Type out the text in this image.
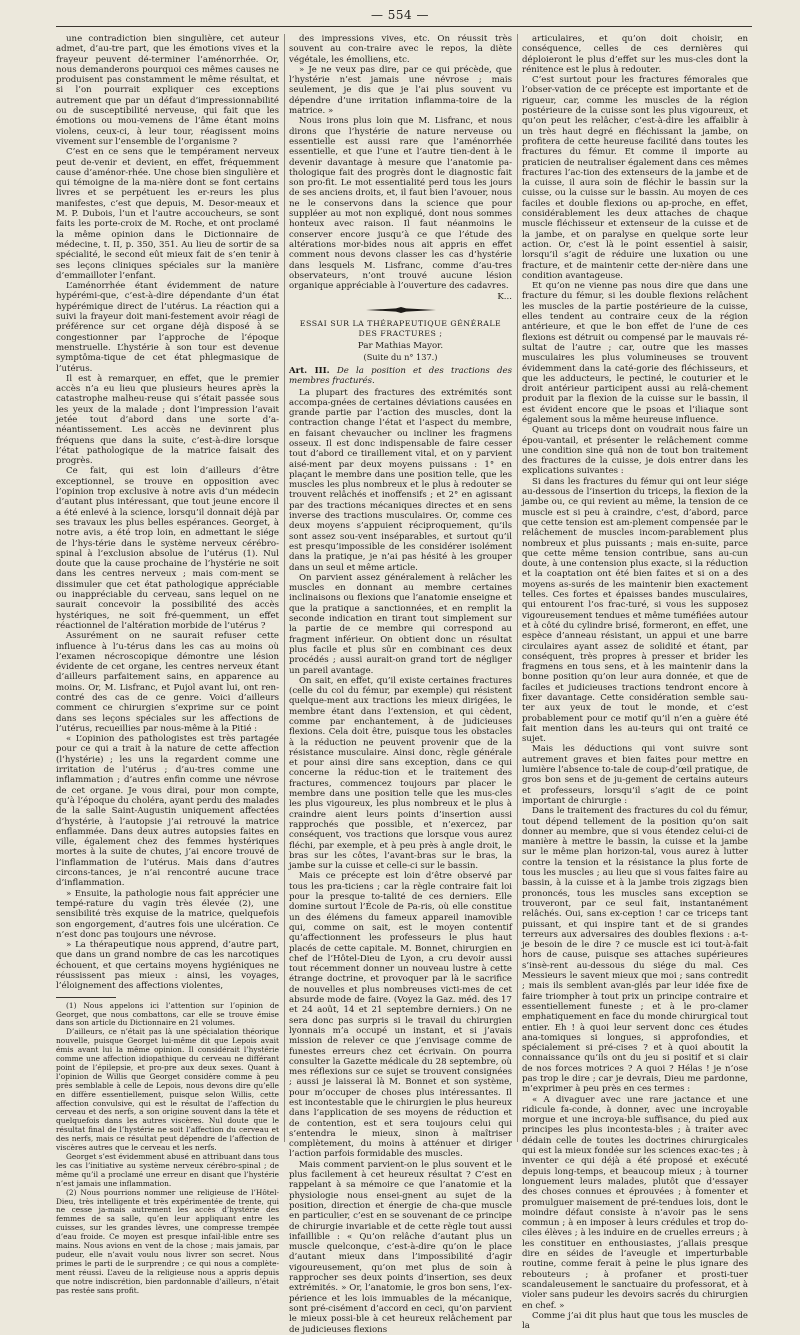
— 554 —

une contradiction bien singulière, cet auteur admet, d’au-tre part, que les émotions vives et la frayeur peuvent dé-terminer l’aménorrhée. Or, nous demanderons pourquoi ces mêmes causes ne produisent pas constamment le même résultat, et si l’on pourrait expliquer ces exceptions autrement que par un défaut d’impressionnabilité ou de susceptibilité nerveuse, qui fait que les émotions ou mou-vemens de l’âme étant moins violens, ceux-ci, à leur tour, réagissent moins vivement sur l’ensemble de l’organisme ?

C’est en ce sens que le tempérament nerveux peut de-venir et devient, en effet, fréquemment cause d’aménor-rhée. Une chose bien singulière et qui témoigne de la ma-nière dont se font certains livres et se perpétuent les er-reurs les plus manifestes, c’est que depuis, M. Desor-meaux et M. P. Dubois, l’un et l’autre accoucheurs, se sont faits les porte-croix de M. Roche, et ont proclamé la même opinion dans le Dictionnaire de médecine, t. II, p. 350, 351. Au lieu de sortir de sa spécialité, le second eût mieux fait de s’en tenir à ses leçons cliniques spéciales sur la manière d’emmailloter l’enfant.

L’aménorrhée étant évidemment de nature hypérémi-que, c’est-à-dire dépendante d’un état hypérémique direct de l’utérus. La réaction qui a suivi la frayeur doit mani-festement avoir réagi de préférence sur cet organe déjà disposé à se congestionner par l’approche de l’époque menstruelle. L’hystérie à son tour est devenue symptôma-tique de cet état phlegmasique de l’utérus.

Il est à remarquer, en effet, que le premier accès n’a eu lieu que plusieurs heures après la catastrophe malheu-reuse qui s’était passée sous les yeux de la malade ; dont l’impression l’avait jetée tout d’abord dans une sorte d’a-néantissement. Les accès ne devinrent plus fréquens que dans la suite, c’est-à-dire lorsque l’état pathologique de la matrice faisait des progrès.

Ce fait, qui est loin d’ailleurs d’être exceptionnel, se trouve en opposition avec l’opinion trop exclusive à notre avis d’un médecin d’autant plus intéressant, que tout jeune encore il a été enlevé à la science, lorsqu’il donnait déjà par ses travaux les plus belles espérances. Georget, à notre avis, a été trop loin, en admettant le siége de l’hys-térie dans le système nerveux cérébro-spinal à l’exclusion absolue de l’utérus (1). Nul doute que la cause prochaine de l’hystérie ne soit dans les centres nerveux ; mais com-ment se dissimuler que cet état pathologique appréciable ou inappréciable du cerveau, sans lequel on ne saurait concevoir la possibilité des accès hystériques, ne soit fré-quemment, un effet réactionnel de l’altération morbide de l’utérus ?

Assurément on ne saurait refuser cette influence à l’u-térus dans les cas au moins où l’examen nécroscopique démontre une lésion évidente de cet organe, les centres nerveux étant d’ailleurs parfaitement sains, en apparence au moins. Or, M. Lisfranc, et Pujol avant lui, ont ren-contré des cas de ce genre. Voici d’ailleurs comment ce chirurgien s’exprime sur ce point dans ses leçons spéciales sur les affections de l’utérus, recueillies par nous-même à la Pitié :

« L’opinion des pathologistes est très partagée pour ce qui a trait à la nature de cette affection (l’hystérie) ; les uns la regardent comme une irritation de l’utérus ; d’au-tres comme une inflammation ; d’autres enfin comme une névrose de cet organe. Je vous dirai, pour mon compte, qu’à l’époque du choléra, ayant perdu des malades de la salle Saint-Augustin uniquement affectées d’hystérie, à l’autopsie j’ai retrouvé la matrice enflammée. Dans deux autres autopsies faites en ville, également chez des femmes hystériques mortes à la suite de chutes, j’ai encore trouvé de l’inflammation de l’utérus. Mais dans d’autres circons-tances, je n’ai rencontré aucune trace d’inflammation.

» Ensuite, la pathologie nous fait apprécier une tempé-rature du vagin très élevée (2), une sensibilité très exquise de la matrice, quelquefois son engorgement, d’autres fois une ulcération. Ce n’est donc pas toujours une névrose.

» La thérapeutique nous apprend, d’autre part, que dans un grand nombre de cas les narcotiques échouent, et que certains moyens hygiéniques ne réussissent pas mieux : ainsi, les voyages, l’éloignement des affections violentes,

(1) Nous appelons ici l’attention sur l’opinion de Georget, que nous combattons, car elle se trouve émise dans son article du Dictionnaire en 21 volumes.

D’ailleurs, ce n’était pas là une spécialation théorique nouvelle, puisque Georget lui-même dit que Lepois avait émis avant lui la même opinion. Il considérait l’hystérie comme une affection idiopathique du cerveau ne différant point de l’épilepsie, et pro-pre aux deux sexes. Quant à l’opinion de Willis que Georget considère comme à peu près semblable à celle de Lepois, nous devons dire qu’elle en diffère essentiellement, puisque selon Willis, cette affection convulsive, qui est le résultat de l’affection du cerveau et des nerfs, a son origine souvent dans la tête et quelquefois dans les autres viscères. Nul doute que le résultat final de l’hystérie ne soit l’affection du cerveau et des nerfs, mais ce résultat peut dépendre de l’affection de viscères autres que le cerveau et les nerfs.

Georget s’est évidemment abusé en attribuant dans tous les cas l’initiative au système nerveux cérébro-spinal ; de même qu’il a proclamé une erreur en disant que l’hystérie n’est jamais une inflammation.

(2) Nous pourrions nommer une religieuse de l’Hôtel-Dieu, très intelligente et très expérimentée de trente, qui ne cesse ja-mais autrement les accès d’hystérie des femmes de sa salle, qu’en leur appliquant entre les cuisses, sur les grandes lèvres, une compresse trempée d’eau froide. Ce moyen est presque infail-lible entre ses mains. Nous avions en vent de la chose ; mais jamais, par pudeur, elle n’avait voulu nous livrer son secret. Nous primes le parti de le surprendre ; ce qui nous a complète-ment réussi. L’aveu de la religieuse nous a appris depuis que notre indiscrétion, bien pardonnable d’ailleurs, n’était pas restée sans profit.

des impressions vives, etc. On réussit très souvent au con-traire avec le repos, la diète végétale, les émolliens, etc.

» Je ne veux pas dire, par ce qui précède, que l’hystérie n’est jamais une névrose ; mais seulement, je dis que je l’ai plus souvent vu dépendre d’une irritation inflamma-toire de la matrice. »

Nous irons plus loin que M. Lisfranc, et nous dirons que l’hystérie de nature nerveuse ou essentielle est aussi rare que l’aménorrhée essentielle, et que l’une et l’autre tien-dent à le devenir davantage à mesure que l’anatomie pa-thologique fait des progrès dont le diagnostic fait son pro-fit. Le mot essentialité perd tous les jours de ses anciens droits, et, il faut bien l’avouer, nous ne le conservons dans la science que pour suppléer au mot non expliqué, dont nous sommes honteux avec raison. Il faut néanmoins le conserver encore jusqu’à ce que l’étude des altérations mor-bides nous ait appris en effet comment nous devons classer les cas d’hystérie dans lesquels M. Lisfranc, comme d’au-tres observateurs, n’ont trouvé aucune lésion organique appréciable à l’ouverture des cadavres.

K...
ESSAI SUR LA THÉRAPEUTIQUE GÉNÉRALE DES FRACTURES ;
Par Mathias Mayor.
(Suite du n° 137.)

Art. III. De la position et des tractions des membres fracturés.

La plupart des fractures des extrémités sont accompa-gnées de certaines déviations causées en grande partie par l’action des muscles, dont la contraction change l’état et l’aspect du membre, en faisant chevaucher ou incliner les fragmens osseux. Il est donc indispensable de faire cesser tout d’abord ce tiraillement vital, et on y parvient aisé-ment par deux moyens puissans : 1° en plaçant le membre dans une position telle, que les muscles les plus nombreux et le plus à redouter se trouvent relâchés et inoffensifs ; et 2° en agissant par des tractions mécaniques directes et en sens inverse des tractions musculaires. Or, comme ces deux moyens s’appuient réciproquement, qu’ils sont assez sou-vent inséparables, et surtout qu’il est presqu’impossible de les considérer isolément dans la pratique, je n’ai pas hésité à les grouper dans un seul et même article.

On parvient assez généralement à relâcher les muscles en donnant au membre certaines inclinaisons ou flexions que l’anatomie enseigne et que la pratique a sanctionnées, et en remplit la seconde indication en tirant tout simplement sur la partie de ce membre qui correspond au fragment inférieur. On obtient donc un résultat plus facile et plus sûr en combinant ces deux procédés ; aussi aurait-on grand tort de négliger un pareil avantage.

On sait, en effet, qu’il existe certaines fractures (celle du col du fémur, par exemple) qui résistent quelque-ment aux tractions les mieux dirigées, le membre étant dans l’extension, et qui cèdent, comme par enchantement, à de judicieuses flexions. Cela doit être, puisque tous les obstacles à la réduction ne peuvent provenir que de la résistance musculaire. Ainsi donc, règle générale et pour ainsi dire sans exception, dans ce qui concerne la réduc-tion et le traitement des fractures, commencez toujours par placer le membre dans une position telle que les mus-cles les plus vigoureux, les plus nombreux et le plus à craindre aient leurs points d’insertion aussi rapprochés que possible, et n’exercez, par conséquent, vos tractions que lorsque vous aurez fléchi, par exemple, et à peu près à angle droit, le bras sur les côtes, l’avant-bras sur le bras, la jambe sur la cuisse et celle-ci sur le bassin.

Mais ce précepte est loin d’être observé par tous les pra-ticiens ; car la règle contraire fait loi pour la presque to-talité de ces derniers. Elle domine surtout l’École de Pa-ris, où elle constitue un des élémens du fameux appareil inamovible qui, comme on sait, est le moyen contentif qu’affectionnent les professeurs le plus haut placés de cette capitale. M. Bonnet, chirurgien en chef de l’Hôtel-Dieu de Lyon, a cru devoir aussi tout récemment donner un nouveau lustre à cette étrange doctrine, et provoquer par là le sacrifice de nouvelles et plus nombreuses victi-mes de cet absurde mode de faire. (Voyez la Gaz. méd. des 17 et 24 août, 14 et 21 septembre derniers.) On ne sera donc pas surpris si le travail du chirurgien lyonnais m’a occupé un instant, et si j’avais mission de relever ce que j’envisage comme de funestes erreurs chez cet écrivain. On pourra consulter la Gazette médicale du 28 septembre, où mes réflexions sur ce sujet se trouvent consignées ; aussi je laisserai là M. Bonnet et son système, pour m’occuper de choses plus intéressantes. Il est incontestable que le chirurgien le plus heureux dans l’application de ses moyens de réduction et de contention, est et sera toujours celui qui s’entendra le mieux, sinon à maîtriser complètement, du moins à atténuer et diriger l’action parfois formidable des muscles.

Mais comment parvient-on le plus souvent et le plus facilement à cet heureux résultat ? C’est en rappelant à sa mémoire ce que l’anatomie et la physiologie nous ensei-gnent au sujet de la position, direction et énergie de cha-que muscle en particulier, c’est en se souvenant de ce principe de chirurgie invariable et de cette règle tout aussi infaillible : « Qu’on relâche d’autant plus un muscle quelconque, c’est-à-dire qu’on le place d’autant mieux dans l’impossibilité d’agir vigoureusement, qu’on met plus de soin à rapprocher ses deux points d’insertion, ses deux extrémités. » Or, l’anatomie, le gros bon sens, l’ex-périence et les lois immuables de la mécanique, sont pré-cisément d’accord en ceci, qu’on parvient le mieux possi-ble à cet heureux relâchement par de judicieuses flexions

articulaires, et qu’on doit choisir, en conséquence, celles de ces dernières qui déploieront le plus d’effet sur les mus-cles dont la rénitence est le plus à redouter.

C’est surtout pour les fractures fémorales que l’obser-vation de ce précepte est importante et de rigueur, car, comme les muscles de la région postérieure de la cuisse sont les plus vigoureux, et qu’on peut les relâcher, c’est-à-dire les affaiblir à un très haut degré en fléchissant la jambe, on profitera de cette heureuse facilité dans toutes les fractures du fémur. Et comme il importe au praticien de neutraliser également dans ces mêmes fractures l’ac-tion des extenseurs de la jambe et de la cuisse, il aura soin de fléchir le bassin sur la cuisse, ou la cuisse sur le bassin. Au moyen de ces faciles et double flexions ou ap-proche, en effet, considérablement les deux attaches de chaque muscle fléchisseur et extenseur de la cuisse et de la jambe, et on paralyse en quelque sorte leur action. Or, c’est là le point essentiel à saisir, lorsqu’il s’agit de réduire une luxation ou une fracture, et de maintenir cette der-nière dans une condition avantageuse.

Et qu’on ne vienne pas nous dire que dans une fracture du fémur, si les double flexions relâchent les muscles de la partie postérieure de la cuisse, elles tendent au contraire ceux de la région antérieure, et que le bon effet de l’une de ces flexions est détruit ou compensé par le mauvais ré-sultat de l’autre ; car, outre que les masses musculaires les plus volumineuses se trouvent évidemment dans la caté-gorie des fléchisseurs, et que les adducteurs, le pectiné, le couturier et le droit antérieur participent aussi au relâ-chement produit par la flexion de la cuisse sur le bassin, il est évident encore que le psoas et l’iliaque sont également sous la même heureuse influence.

Quant au triceps dont on voudrait nous faire un épou-vantail, et présenter le relâchement comme une condition sine quâ non de tout bon traitement des fractures de la cuisse, je dois entrer dans les explications suivantes :

Si dans les fractures du fémur qui ont leur siége au-dessous de l’insertion du triceps, la flexion de la jambe ou, ce qui revient au même, la tension de ce muscle est si peu à craindre, c’est, d’abord, parce que cette tension est am-plement compensée par le relâchement de muscles incom-parablement plus nombreux et plus puissants ; mais en-suite, parce que cette même tension contribue, sans au-cun doute, à une contension plus exacte, si la réduction et la coaptation ont été bien faites et si on a des moyens as-surés de les maintenir bien exactement telles. Ces fortes et épaisses bandes musculaires, qui entourent l’os frac-turé, si vous les supposez vigoureusement tendues et même tuméfiées autour et à côté du cylindre brisé, formeront, en effet, une espèce d’anneau résistant, un appui et une barre circulaires ayant assez de solidité et étant, par conséquent, très propres à presser et brider les fragmens en tous sens, et à les maintenir dans la bonne position qu’on leur aura donnée, et que de faciles et judicieuses tractions tendront encore à fixer davantage. Cette considération semble sau-ter aux yeux de tout le monde, et c’est probablement pour ce motif qu’il n’en a guère été fait mention dans les au-teurs qui ont traité ce sujet.

Mais les déductions qui vont suivre sont autrement graves et bien faites pour mettre en lumière l’absence to-tale de coup-d’œil pratique, de gros bon sens et de ju-gement de certains auteurs et professeurs, lorsqu’il s’agit de ce point important de chirurgie :

Dans le traitement des fractures du col du fémur, tout dépend tellement de la position qu’on sait donner au membre, que si vous étendez celui-ci de manière à mettre le bassin, la cuisse et la jambe sur le même plan horizon-tal, vous aurez à lutter contre la tension et la résistance la plus forte de tous les muscles ; au lieu que si vous faites faire au bassin, à la cuisse et à la jambe trois zigzags bien prononcés, tous les muscles sans exception se trouveront, par ce seul fait, instantanément relâchés. Oui, sans ex-ception ! car ce triceps tant puissant, et qui inspire tant et de si grandes terreurs aux adversaires des doubles flexions : a-t-je besoin de le dire ? ce muscle est ici tout-à-fait hors de cause, puisque ses attaches supérieures s’insè-rent au-dessous du siége du mal. Ces Messieurs le savent mieux que moi ; sans contredit ; mais ils semblent avan-glés par leur idée fixe de faire triompher à tout prix un principe contraire et essentiellement funeste ; et à le pro-clamer emphatiquement en face du monde chirurgical tout entier. Eh ! à quoi leur servent donc ces études ana-tomiques si longues, si approfondies, et spécialement si pré-cises ? et à quoi aboutit la connaissance qu’ils ont du jeu si positif et si clair de nos forces motrices ? A quoi ? Hélas ! je n’ose pas trop le dire ; car je devrais, Dieu me pardonne, m’exprimer à peu près en ces termes :

« A divaguer avec une rare jactance et une ridicule fa-conde, à donner, avec une incroyable morgue et une incroya-ble suffisance, du pied aux principes les plus incontesta-bles ; à traiter avec dédain celle de toutes les doctrines chirurgicales qui est la mieux fondée sur les sciences exac-tes ; à inventer ce qui déjà a été proposé et exécuté depuis long-temps, et beaucoup mieux ; à tourner longuement leurs malades, plutôt que d’essayer des choses connues et éprouvées ; à fomenter et promulguer maisement de pré-tendues lois, dont le moindre défaut consiste à n’avoir pas le sens commun ; à en imposer à leurs crédules et trop do-ciles élèves ; à les induire en de cruelles erreurs ; à les constituer en enthousiastes, j’allais presque dire en séides de l’aveugle et imperturbable routine, comme ferait à peine le plus ignare des rebouteurs ; à profaner et prosti-tuer scandaleusement le sanctuaire du professorat, et à violer sans pudeur les devoirs sacrés du chirurgien en chef. »

Comme j’ai dit plus haut que tous les muscles de la
